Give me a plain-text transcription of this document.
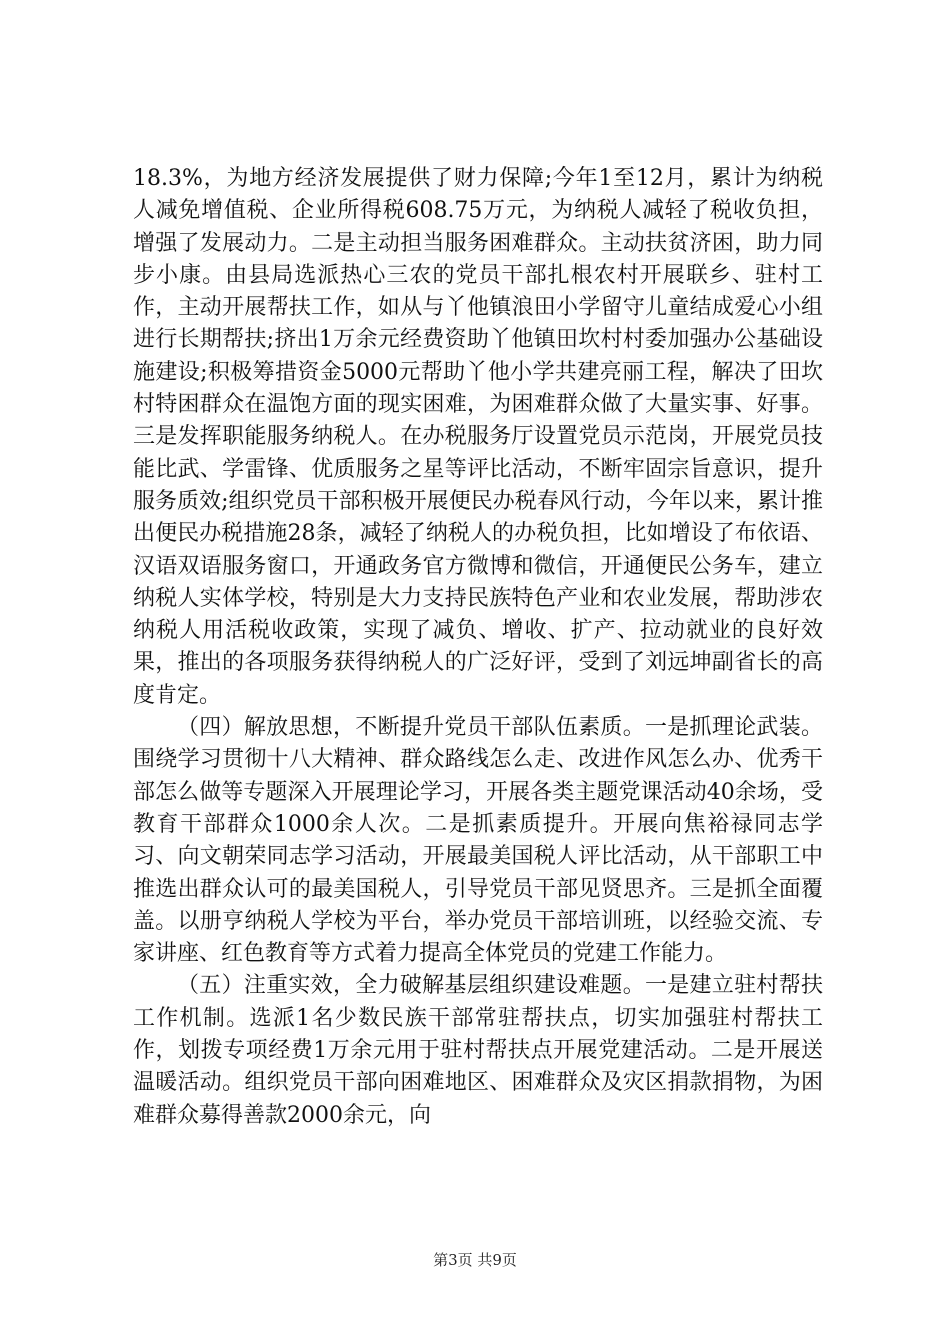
18.3%，为地方经济发展提供了财力保障;今年1至12月，累计为纳税人减免增值税、企业所得税608.75万元，为纳税人减轻了税收负担，增强了发展动力。二是主动担当服务困难群众。主动扶贫济困，助力同步小康。由县局选派热心三农的党员干部扎根农村开展联乡、驻村工作，主动开展帮扶工作，如从与丫他镇浪田小学留守儿童结成爱心小组进行长期帮扶;挤出1万余元经费资助丫他镇田坎村村委加强办公基础设施建设;积极筹措资金5000元帮助丫他小学共建亮丽工程，解决了田坎村特困群众在温饱方面的现实困难，为困难群众做了大量实事、好事。三是发挥职能服务纳税人。在办税服务厅设置党员示范岗，开展党员技能比武、学雷锋、优质服务之星等评比活动，不断牢固宗旨意识，提升服务质效;组织党员干部积极开展便民办税春风行动，今年以来，累计推出便民办税措施28条，减轻了纳税人的办税负担，比如增设了布依语、汉语双语服务窗口，开通政务官方微博和微信，开通便民公务车，建立纳税人实体学校，特别是大力支持民族特色产业和农业发展，帮助涉农纳税人用活税收政策，实现了减负、增收、扩产、拉动就业的良好效果，推出的各项服务获得纳税人的广泛好评，受到了刘远坤副省长的高度肯定。

（四）解放思想，不断提升党员干部队伍素质。一是抓理论武装。围绕学习贯彻十八大精神、群众路线怎么走、改进作风怎么办、优秀干部怎么做等专题深入开展理论学习，开展各类主题党课活动40余场，受教育干部群众1000余人次。二是抓素质提升。开展向焦裕禄同志学习、向文朝荣同志学习活动，开展最美国税人评比活动，从干部职工中推选出群众认可的最美国税人，引导党员干部见贤思齐。三是抓全面覆盖。以册亨纳税人学校为平台，举办党员干部培训班，以经验交流、专家讲座、红色教育等方式着力提高全体党员的党建工作能力。

（五）注重实效，全力破解基层组织建设难题。一是建立驻村帮扶工作机制。选派1名少数民族干部常驻帮扶点，切实加强驻村帮扶工作，划拨专项经费1万余元用于驻村帮扶点开展党建活动。二是开展送温暖活动。组织党员干部向困难地区、困难群众及灾区捐款捐物，为困难群众募得善款2000余元，向

第3页 共9页
